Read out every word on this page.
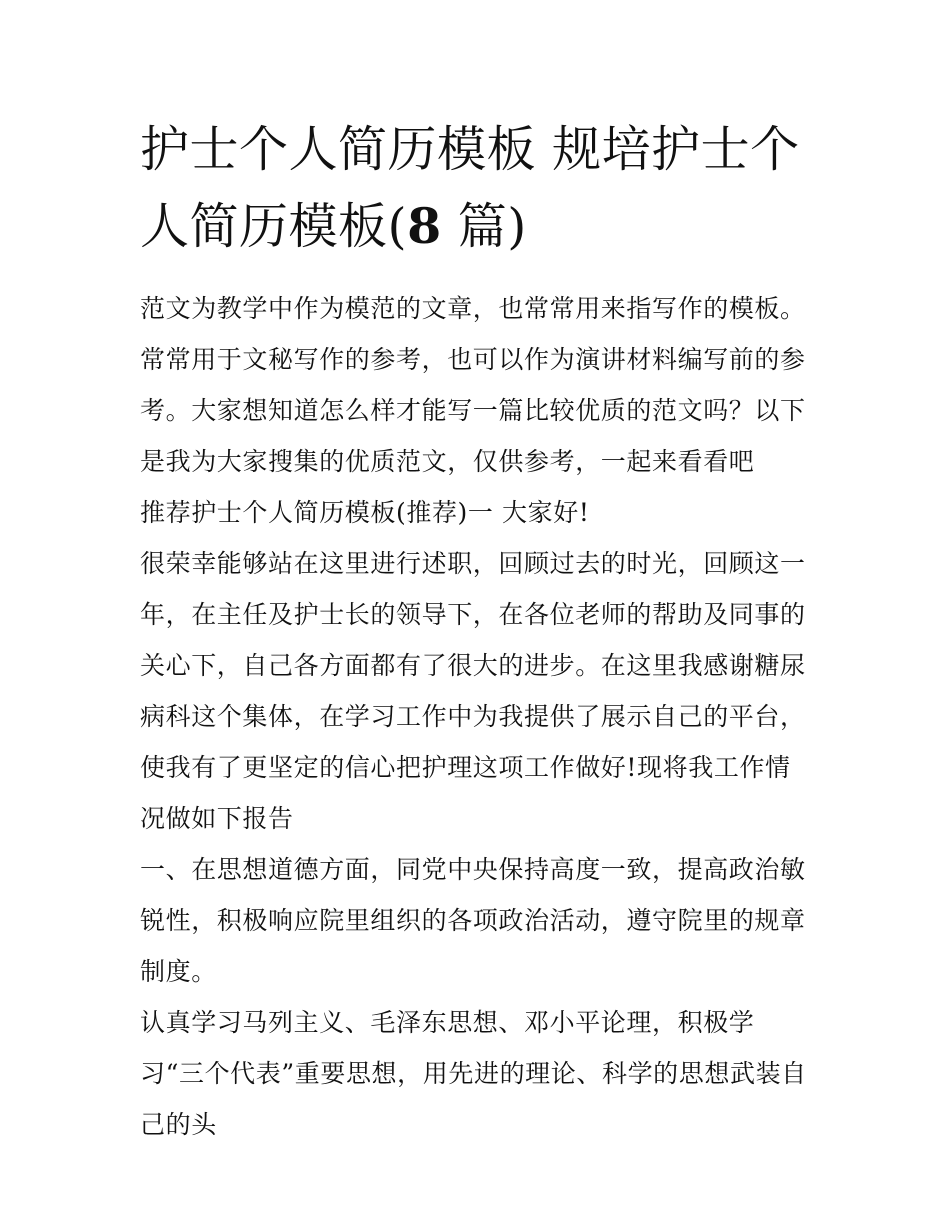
护士个人简历模板 规培护士个人简历模板(8 篇)

范文为教学中作为模范的文章，也常常用来指写作的模板。常常用于文秘写作的参考，也可以作为演讲材料编写前的参考。大家想知道怎么样才能写一篇比较优质的范文吗？以下是我为大家搜集的优质范文，仅供参考，一起来看看吧

推荐护士个人简历模板(推荐)一 大家好!

很荣幸能够站在这里进行述职，回顾过去的时光，回顾这一年，在主任及护士长的领导下，在各位老师的帮助及同事的关心下，自己各方面都有了很大的进步。在这里我感谢糖尿病科这个集体，在学习工作中为我提供了展示自己的平台，使我有了更坚定的信心把护理这项工作做好!现将我工作情况做如下报告

一、在思想道德方面，同党中央保持高度一致，提高政治敏锐性，积极响应院里组织的各项政治活动，遵守院里的规章制度。

认真学习马列主义、毛泽东思想、邓小平论理，积极学习“三个代表”重要思想，用先进的理论、科学的思想武装自己的头
